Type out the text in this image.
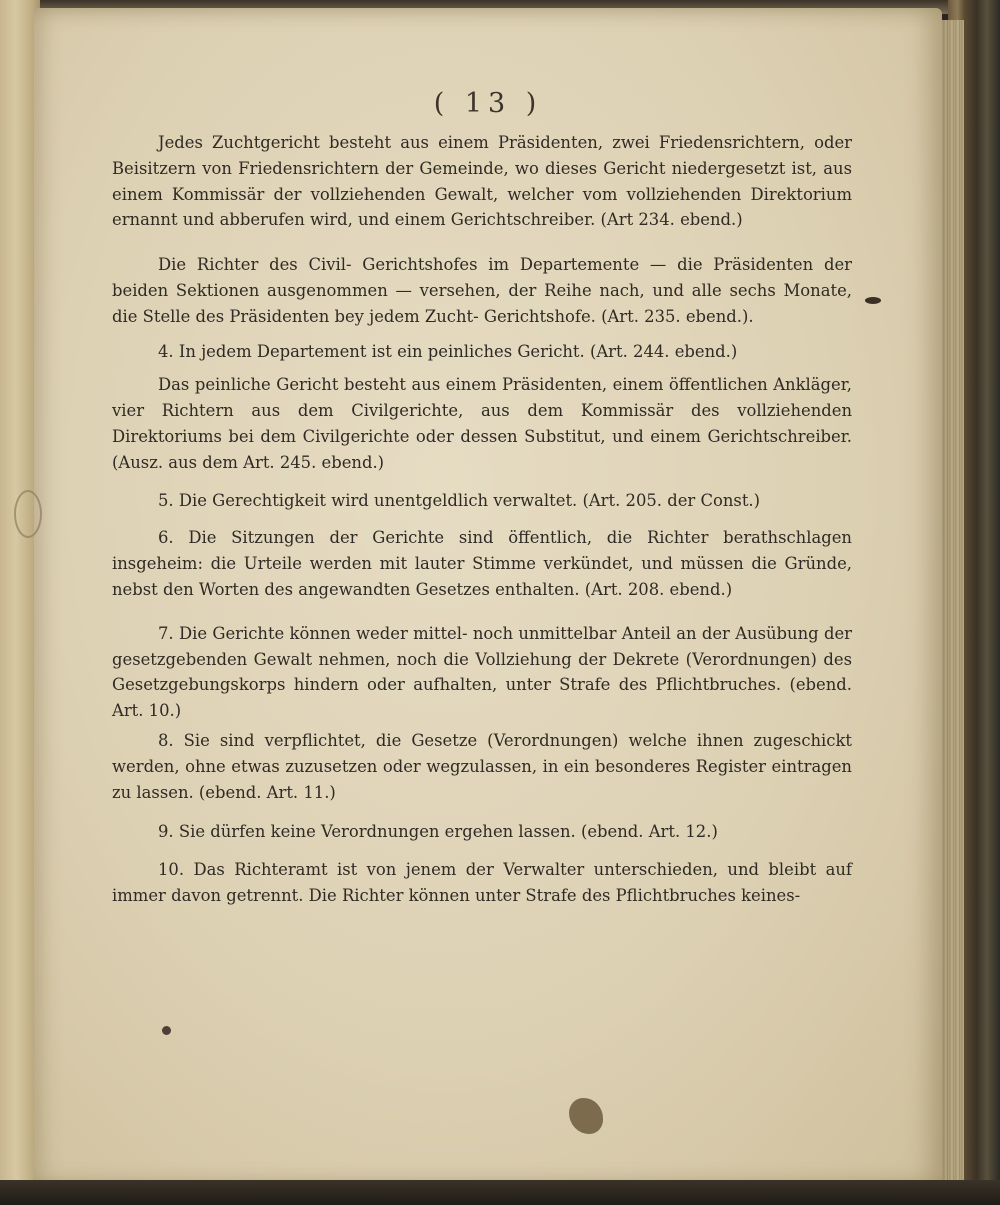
( 13 )

Jedes Zuchtgericht besteht aus einem Präsidenten, zwei Friedensrichtern, oder Beisitzern von Friedensrichtern der Gemeinde, wo dieses Gericht niedergesetzt ist, aus einem Kommissär der vollziehenden Gewalt, welcher vom vollziehenden Direktorium ernannt und abberufen wird, und einem Gerichtschreiber. (Art 234. ebend.)

Die Richter des Civil- Gerichtshofes im Departemente — die Präsidenten der beiden Sektionen ausgenommen — versehen, der Reihe nach, und alle sechs Monate, die Stelle des Präsidenten bey jedem Zucht- Gerichtshofe. (Art. 235. ebend.).

4. In jedem Departement ist ein peinliches Gericht. (Art. 244. ebend.)

Das peinliche Gericht besteht aus einem Präsidenten, einem öffentlichen Ankläger, vier Richtern aus dem Civilgerichte, aus dem Kommissär des vollziehenden Direktoriums bei dem Civilgerichte oder dessen Substitut, und einem Gerichtschreiber. (Ausz. aus dem Art. 245. ebend.)

5. Die Gerechtigkeit wird unentgeldlich verwaltet. (Art. 205. der Const.)

6. Die Sitzungen der Gerichte sind öffentlich, die Richter berathschlagen insgeheim: die Urteile werden mit lauter Stimme verkündet, und müssen die Gründe, nebst den Worten des angewandten Gesetzes enthalten. (Art. 208. ebend.)

7. Die Gerichte können weder mittel- noch unmittelbar Anteil an der Ausübung der gesetzgebenden Gewalt nehmen, noch die Vollziehung der Dekrete (Verordnungen) des Gesetzgebungskorps hindern oder aufhalten, unter Strafe des Pflichtbruches. (ebend. Art. 10.)

8. Sie sind verpflichtet, die Gesetze (Verordnungen) welche ihnen zugeschickt werden, ohne etwas zuzusetzen oder wegzulassen, in ein besonderes Register eintragen zu lassen. (ebend. Art. 11.)

9. Sie dürfen keine Verordnungen ergehen lassen. (ebend. Art. 12.)

10. Das Richteramt ist von jenem der Verwalter unterschieden, und bleibt auf immer davon getrennt. Die Richter können unter Strafe des Pflichtbruches keines-
